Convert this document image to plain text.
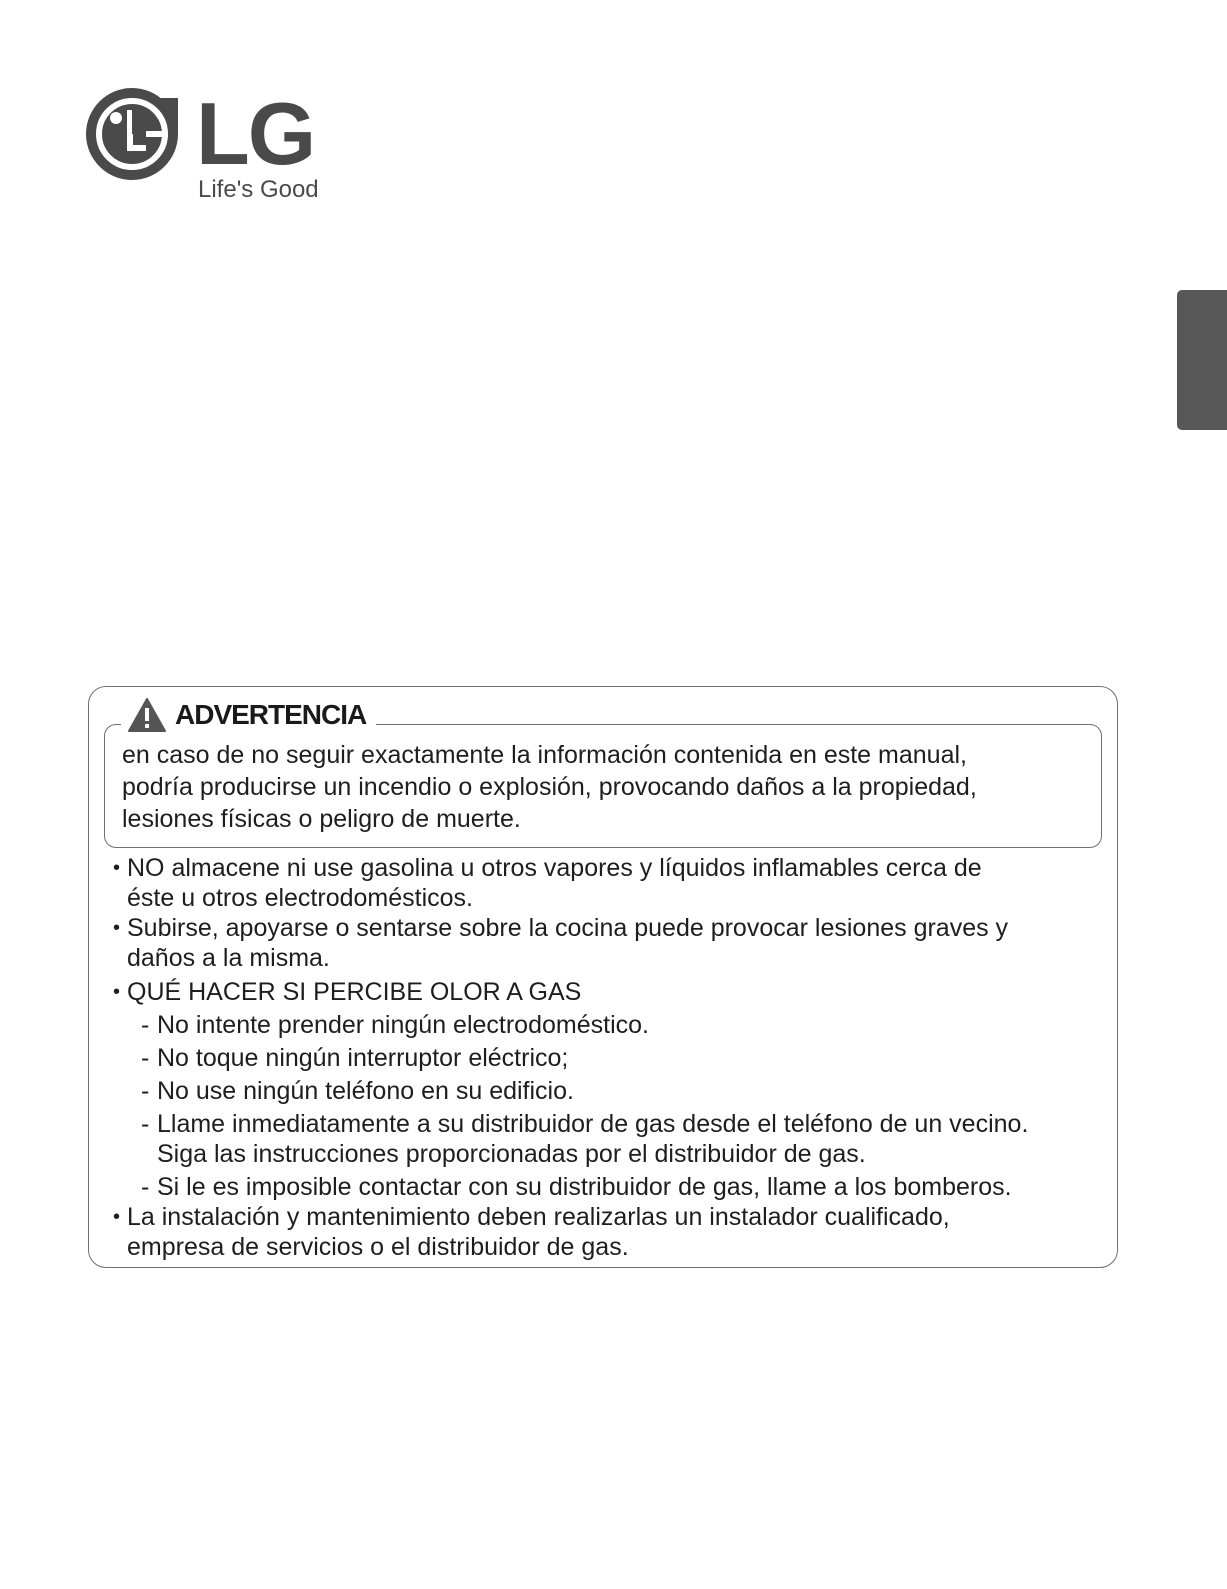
LG
Life's Good
ADVERTENCIA
en caso de no seguir exactamente la información contenida en este manual,
podría producirse un incendio o explosión, provocando daños a la propiedad,
lesiones físicas o peligro de muerte.
• NO almacene ni use gasolina u otros vapores y líquidos inflamables cerca de
éste u otros electrodomésticos.
• Subirse, apoyarse o sentarse sobre la cocina puede provocar lesiones graves y
daños a la misma.
• QUÉ HACER SI PERCIBE OLOR A GAS
- No intente prender ningún electrodoméstico.
- No toque ningún interruptor eléctrico;
- No use ningún teléfono en su edificio.
- Llame inmediatamente a su distribuidor de gas desde el teléfono de un vecino.
Siga las instrucciones proporcionadas por el distribuidor de gas.
- Si le es imposible contactar con su distribuidor de gas, llame a los bomberos.
• La instalación y mantenimiento deben realizarlas un instalador cualificado,
empresa de servicios o el distribuidor de gas.
